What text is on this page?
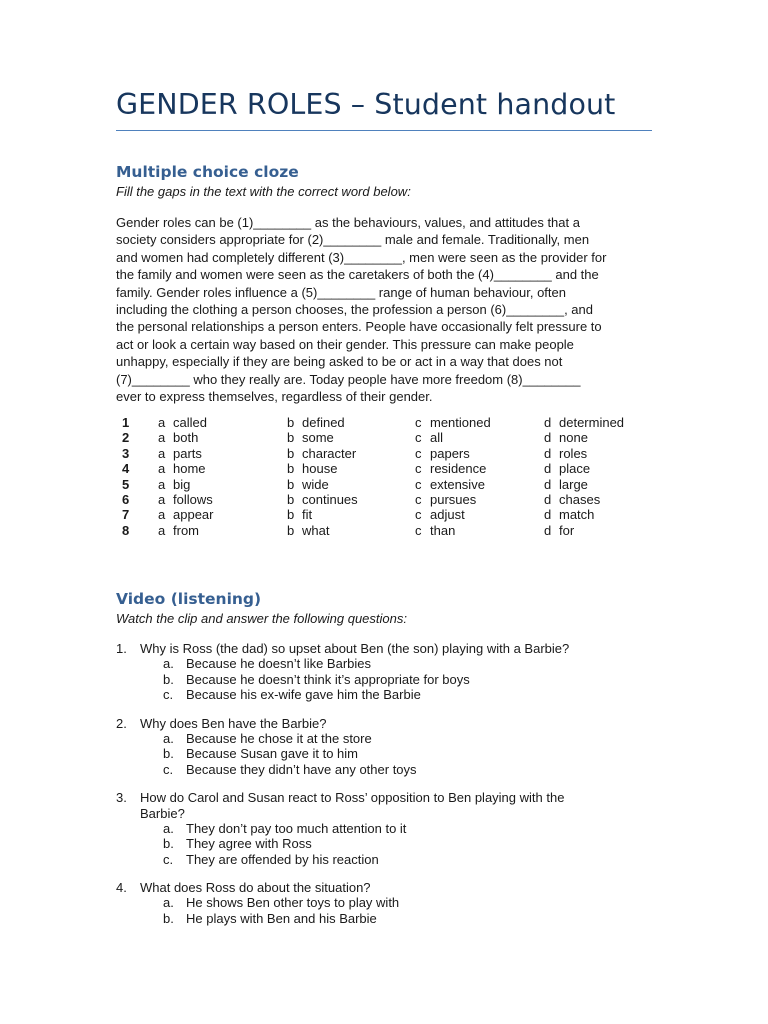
GENDER ROLES – Student handout
Multiple choice cloze
Fill the gaps in the text with the correct word below:
Gender roles can be (1)________ as the behaviours, values, and attitudes that a
society considers appropriate for (2)________ male and female. Traditionally, men
and women had completely different (3)________, men were seen as the provider for
the family and women were seen as the caretakers of both the (4)________ and the
family. Gender roles influence a (5)________ range of human behaviour, often
including the clothing a person chooses, the profession a person (6)________, and
the personal relationships a person enters. People have occasionally felt pressure to
act or look a certain way based on their gender. This pressure can make people
unhappy, especially if they are being asked to be or act in a way that does not
(7)________ who they really are. Today people have more freedom (8)________
ever to express themselves, regardless of their gender.
1 a called	b defined	c mentioned	d determined
2 a both	b some	c all	d none
3 a parts	b character	c papers	d roles
4 a home	b house	c residence	d place
5 a big	b wide	c extensive	d large
6 a follows	b continues	c pursues	d chases
7 a appear	b fit	c adjust	d match
8 a from	b what	c than	d for
Video (listening)
Watch the clip and answer the following questions:
1. Why is Ross (the dad) so upset about Ben (the son) playing with a Barbie?
a. Because he doesn’t like Barbies
b. Because he doesn’t think it’s appropriate for boys
c. Because his ex-wife gave him the Barbie
2. Why does Ben have the Barbie?
a. Because he chose it at the store
b. Because Susan gave it to him
c. Because they didn’t have any other toys
3. How do Carol and Susan react to Ross’ opposition to Ben playing with the
Barbie?
a. They don’t pay too much attention to it
b. They agree with Ross
c. They are offended by his reaction
4. What does Ross do about the situation?
a. He shows Ben other toys to play with
b. He plays with Ben and his Barbie
